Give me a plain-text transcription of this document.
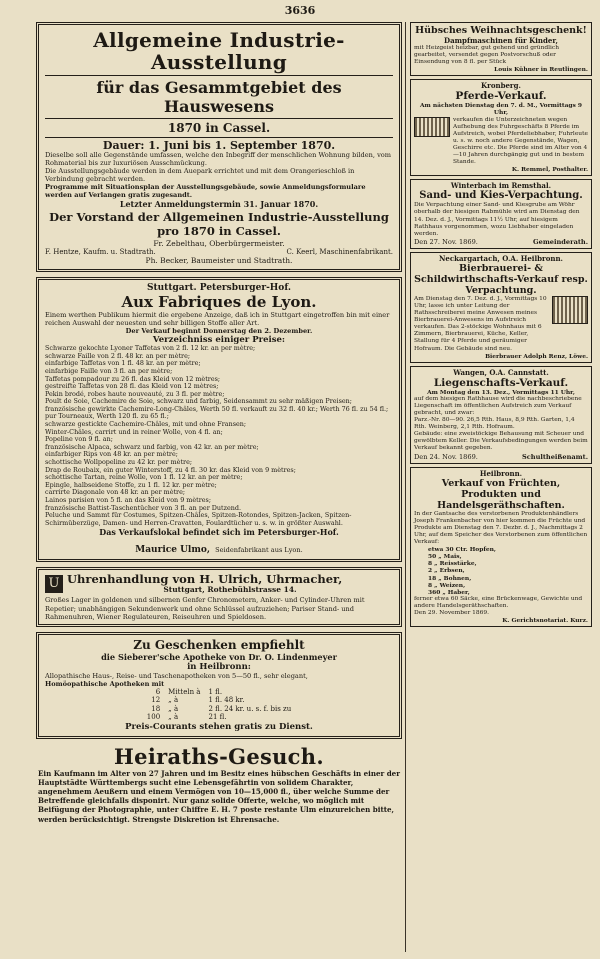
3636
Allgemeine Industrie-Ausstellung
für das Gesammtgebiet des Hauswesens
1870 in Cassel.
Dauer: 1. Juni bis 1. September 1870.

Dieselbe soll alle Gegenstände umfassen, welche den Inbegriff der menschlichen Wohnung bilden, vom Rohmaterial bis zur luxuriösen Ausschmückung.

Die Ausstellungsgebäude werden in dem Auepark errichtet und mit dem Orangerieschloß in Verbindung gebracht werden.

Programme mit Situationsplan der Ausstellungsgebäude, sowie Anmeldungsformulare werden auf Verlangen gratis zugesandt.

Letzter Anmeldungstermin 31. Januar 1870.
Der Vorstand der Allgemeinen Industrie-Ausstellung pro 1870 in Cassel.
Fr. Zebelthau, Oberbürgermeister.
F. Hentze, Kaufm. u. Stadtrath.	C. Keerl, Maschinenfabrikant.
Ph. Becker, Baumeister und Stadtrath.
Stuttgart. Petersburger-Hof.
Aux Fabriques de Lyon.

Einem werthen Publikum hiermit die ergebene Anzeige, daß ich in Stuttgart eingetroffen bin mit einer reichen Auswahl der neuesten und sehr billigen Stoffe aller Art.

Der Verkauf beginnt Donnerstag den 2. Dezember.
Verzeichniss einiger Preise:
Schwarze gekochte Lyoner Taffetas von 2 fl. 12 kr. an per mètre;
schwarze Faille von 2 fl. 48 kr. an per mètre;
einfarbige Taffetas von 1 fl. 48 kr. an per mètre;
einfarbige Faille von 3 fl. an per mètre;
Taffetas pompadour zu 26 fl. das Kleid von 12 mètres;
gestreifte Taffetas von 28 fl. das Kleid von 12 mètres;
Pekin brodé, robes haute nouveauté, zu 3 fl. per mètre;
Poult de Soie, Cachemire de Soie, schwarz und farbig, Seidensammt zu sehr mäßigen Preisen;
französische gewirkte Cachemire-Long-Châles, Werth 50 fl. verkauft zu 32 fl. 40 kr.; Werth 76 fl. zu 54 fl.; pur Tourneaux, Werth 120 fl. zu 65 fl.;
schwarze gestickte Cachemire-Châles, mit und ohne Fransen;
Winter-Châles, carrirt und in reiner Wolle, von 4 fl. an;
Popeline von 9 fl. an;
französische Alpaca, schwarz und farbig, von 42 kr. an per mètre;
einfarbiger Rips von 48 kr. an per mètre;
schottische Wollpopeline zu 42 kr. per mètre;
Drap de Roubaix, ein guter Winterstoff, zu 4 fl. 30 kr. das Kleid von 9 mètres;
schottische Tartan, reine Wolle, von 1 fl. 12 kr. an per mètre;
Epingle, halbseidene Stoffe, zu 1 fl. 12 kr. per mètre;
carrirte Diagonale von 48 kr. an per mètre;
Lainos parisien von 5 fl. an das Kleid von 9 mètres;
französische Battist-Taschentücher von 3 fl. an per Dutzend.
Peluche und Sammt für Costumes, Spitzen-Châles, Spitzen-Rotondes, Spitzen-Jacken, Spitzen-Schirmüberzüge, Damen- und Herren-Cravatten, Foulardtücher u. s. w. in größter Auswahl.
Das Verkaufslokal befindet sich im Petersburger-Hof.
Maurice Ulmo, Seidenfabrikant aus Lyon.
U Uhrenhandlung von H. Ulrich, Uhrmacher,
Stuttgart, Rothebühlstrasse 14.

Großes Lager in goldenen und silbernen Genfer Chronometern, Anker- und Cylinder-Uhren mit Repetier; unabhängigen Sekundenwerk und ohne Schlüssel aufzuziehen; Pariser Stand- und Rahmenuhren, Wiener Regulateuren, Reiseuhren und Spieldosen.

Zu Geschenken empfiehlt
die Sieberer'sche Apotheke von Dr. O. Lindenmeyer
in Heilbronn:
Allopathische Haus-, Reise- und Taschenapotheken von 5—50 fl., sehr elegant,
Homöopathische Apotheken mit
6	Mitteln à	1 fl.
12	„ à	1 fl. 48 kr.
18	„ à	2 fl. 24 kr. u. s. f. bis zu
100	„ à	21 fl.
Preis-Courants stehen gratis zu Dienst.
Heiraths-Gesuch.

Ein Kaufmann im Alter von 27 Jahren und im Besitz eines hübschen Geschäfts in einer der Hauptstädte Württembergs sucht eine Lebensgefährtin von solidem Charakter, angenehmem Aeußern und einem Vermögen von 10—15,000 fl., über welche Summe der Betreffende gleichfalls disponirt. Nur ganz solide Offerte, welche, wo möglich mit Beifügung der Photographie, unter Chiffre E. H. 7 poste restante Ulm einzureichen bitte, werden berücksichtigt. Strengste Diskretion ist Ehrensache.

Hübsches Weihnachtsgeschenk!
Dampfmaschinen für Kinder,

mit Heizgeist heizbar, gut gehend und gründlich gearbeitet, versendet gegen Postvorschuß oder Einsendung von 8 fl. per Stück

Louis Kühner in Reutlingen.
Kronberg.
Pferde-Verkauf.
Am nächsten Dienstag den 7. d. M., Vormittags 9 Uhr,

verkaufen die Unterzeichneten wegen Aufhebung des Fuhrgeschäfts 8 Pferde im Aufstreich, wobei Pferdeliebhaber, Fuhrleute u. s. w. noch andere Gegenstände, Wagen, Geschirre etc. Die Pferde sind im Alter von 4—10 Jahren durchgängig gut und in bestem Stande.

K. Remmel, Posthalter.
Winterbach im Remsthal.
Sand- und Kies-Verpachtung.

Die Verpachtung einer Sand- und Kiesgrube am Wöhr oberhalb der hiesigen Rabmühle wird am Dienstag den 14. Dez. d. J., Vormittags 11½ Uhr, auf hiesigem Rathhaus vorgenommen, wozu Liebhaber eingeladen werden.

Den 27. Nov. 1869.	Gemeinderath.
Neckargartach, O.A. Heilbronn.
Bierbrauerei- & Schildwirthschafts-Verkauf resp. Verpachtung.

Am Dienstag den 7. Dez. d. J., Vormittags 10 Uhr, lasse ich unter Leitung der Rathsschreiberei meine Anwesen meines Bierbrauerei-Anwesens im Aufstreich verkaufen. Das 2-stöckige Wohnhaus mit 6 Zimmern, Bierbrauerei, Küche, Keller, Stallung für 4 Pferde und geräumiger Hofraum. Die Gebäude sind neu.

Bierbrauer Adolph Renz, Löwe.
Wangen, O.A. Cannstatt.
Liegenschafts-Verkauf.
Am Montag den 13. Dez., Vormittags 11 Uhr,

auf dem hiesigen Rathhause wird die nachbeschriebene Liegenschaft im öffentlichen Aufstreich zum Verkauf gebracht, und zwar:

Parz.-Nr. 80—90. 26,5 Rth. Haus, 8,9 Rth. Garten, 1,4 Rth. Weinberg, 2,1 Rth. Hofraum.

Gebäude: eine zweistöckige Behausung mit Scheuer und gewölbtem Keller. Die Verkaufsbedingungen werden beim Verkauf bekannt gegeben.

Den 24. Nov. 1869.	Schultheißenamt.
Heilbronn.
Verkauf von Früchten, Produkten und Handelsgeräthschaften.

In der Gantsache des verstorbenen Produktenhändlers Joseph Frankenbacher von hier kommen die Früchte und Produkte am Dienstag den 7. Dezbr. d. J., Nachmittags 2 Uhr, auf dem Speicher des Verstorbenen zum öffentlichen Verkauf:

etwa 30 Ctr. Hopfen,
50 „ Mais,
8 „ Reisstärke,
2 „ Erbsen,
18 „ Bohnen,
8 „ Weizen,
360 „ Haber,

ferner etwa 60 Säcke, eine Brückenwage, Gewichte und andere Handelsgeräthschaften.

Den 29. November 1869.
K. Gerichtsnotariat. Kurz.
